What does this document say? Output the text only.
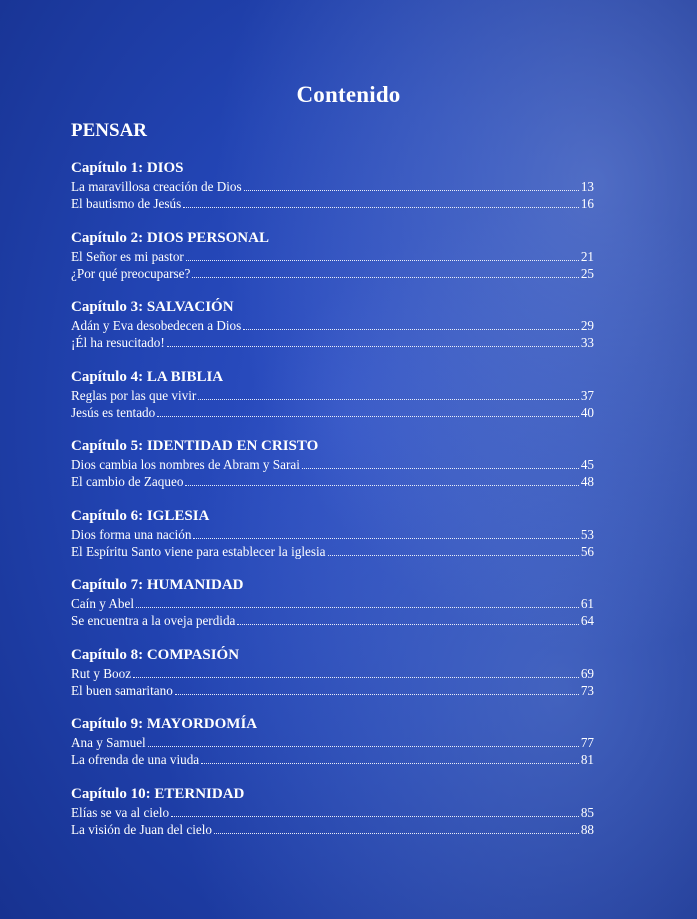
Contenido
PENSAR
Capítulo 1: DIOS
La maravillosa creación de Dios	13
El bautismo de Jesús	16
Capítulo 2: DIOS PERSONAL
El Señor es mi pastor	21
¿Por qué preocuparse?	25
Capítulo 3: SALVACIÓN
Adán y Eva desobedecen a Dios	29
¡Él ha resucitado!	33
Capítulo 4: LA BIBLIA
Reglas por las que vivir	37
Jesús es tentado	40
Capítulo 5: IDENTIDAD EN CRISTO
Dios cambia los nombres de Abram y Sarai	45
El cambio de Zaqueo	48
Capítulo 6: IGLESIA
Dios forma una nación	53
El Espíritu Santo viene para establecer la iglesia	56
Capítulo 7: HUMANIDAD
Caín y Abel	61
Se encuentra a la oveja perdida	64
Capítulo 8: COMPASIÓN
Rut y Booz	69
El buen samaritano	73
Capítulo 9: MAYORDOMÍA
Ana y Samuel	77
La ofrenda de una viuda	81
Capítulo 10: ETERNIDAD
Elías se va al cielo	85
La visión de Juan del cielo	88
